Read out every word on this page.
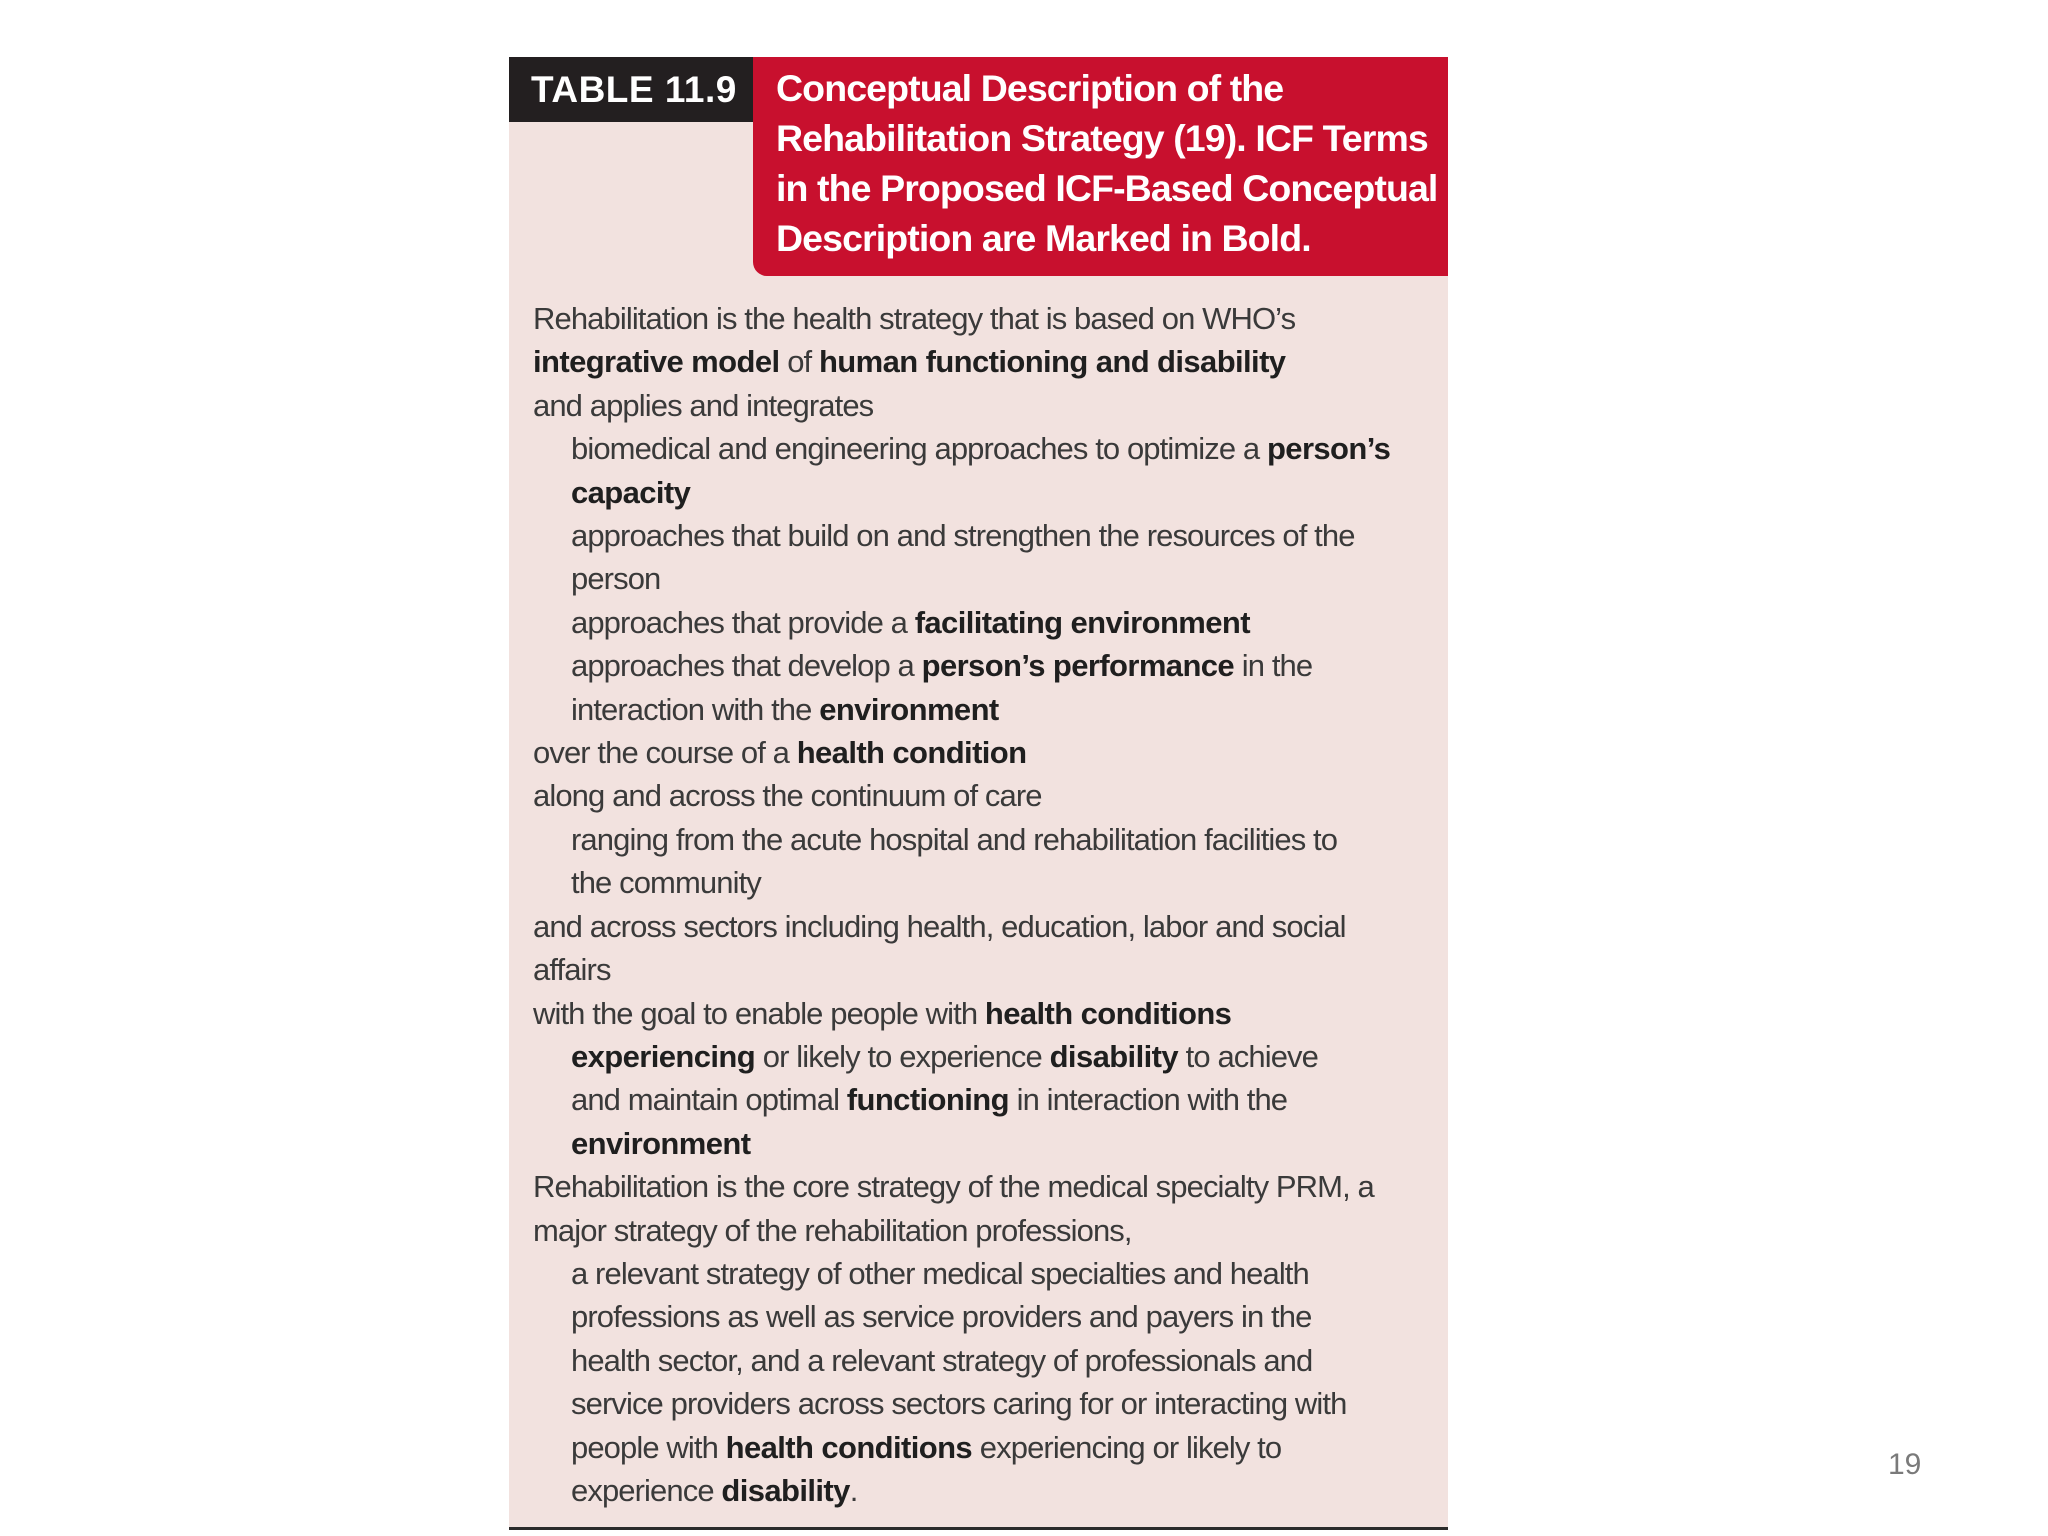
TABLE 11.9	Conceptual Description of the
Rehabilitation Strategy (19). ICF Terms
in the Proposed ICF-Based Conceptual
Description are Marked in Bold.

Rehabilitation is the health strategy that is based on WHO’s

integrative model of human functioning and disability

and applies and integrates

biomedical and engineering approaches to optimize a person’s

capacity

approaches that build on and strengthen the resources of the

person

approaches that provide a facilitating environment

approaches that develop a person’s performance in the

interaction with the environment

over the course of a health condition

along and across the continuum of care

ranging from the acute hospital and rehabilitation facilities to

the community

and across sectors including health, education, labor and social

affairs

with the goal to enable people with health conditions

experiencing or likely to experience disability to achieve

and maintain optimal functioning in interaction with the

environment

Rehabilitation is the core strategy of the medical specialty PRM, a

major strategy of the rehabilitation professions,

a relevant strategy of other medical specialties and health

professions as well as service providers and payers in the

health sector, and a relevant strategy of professionals and

service providers across sectors caring for or interacting with

people with health conditions experiencing or likely to

experience disability.

19
